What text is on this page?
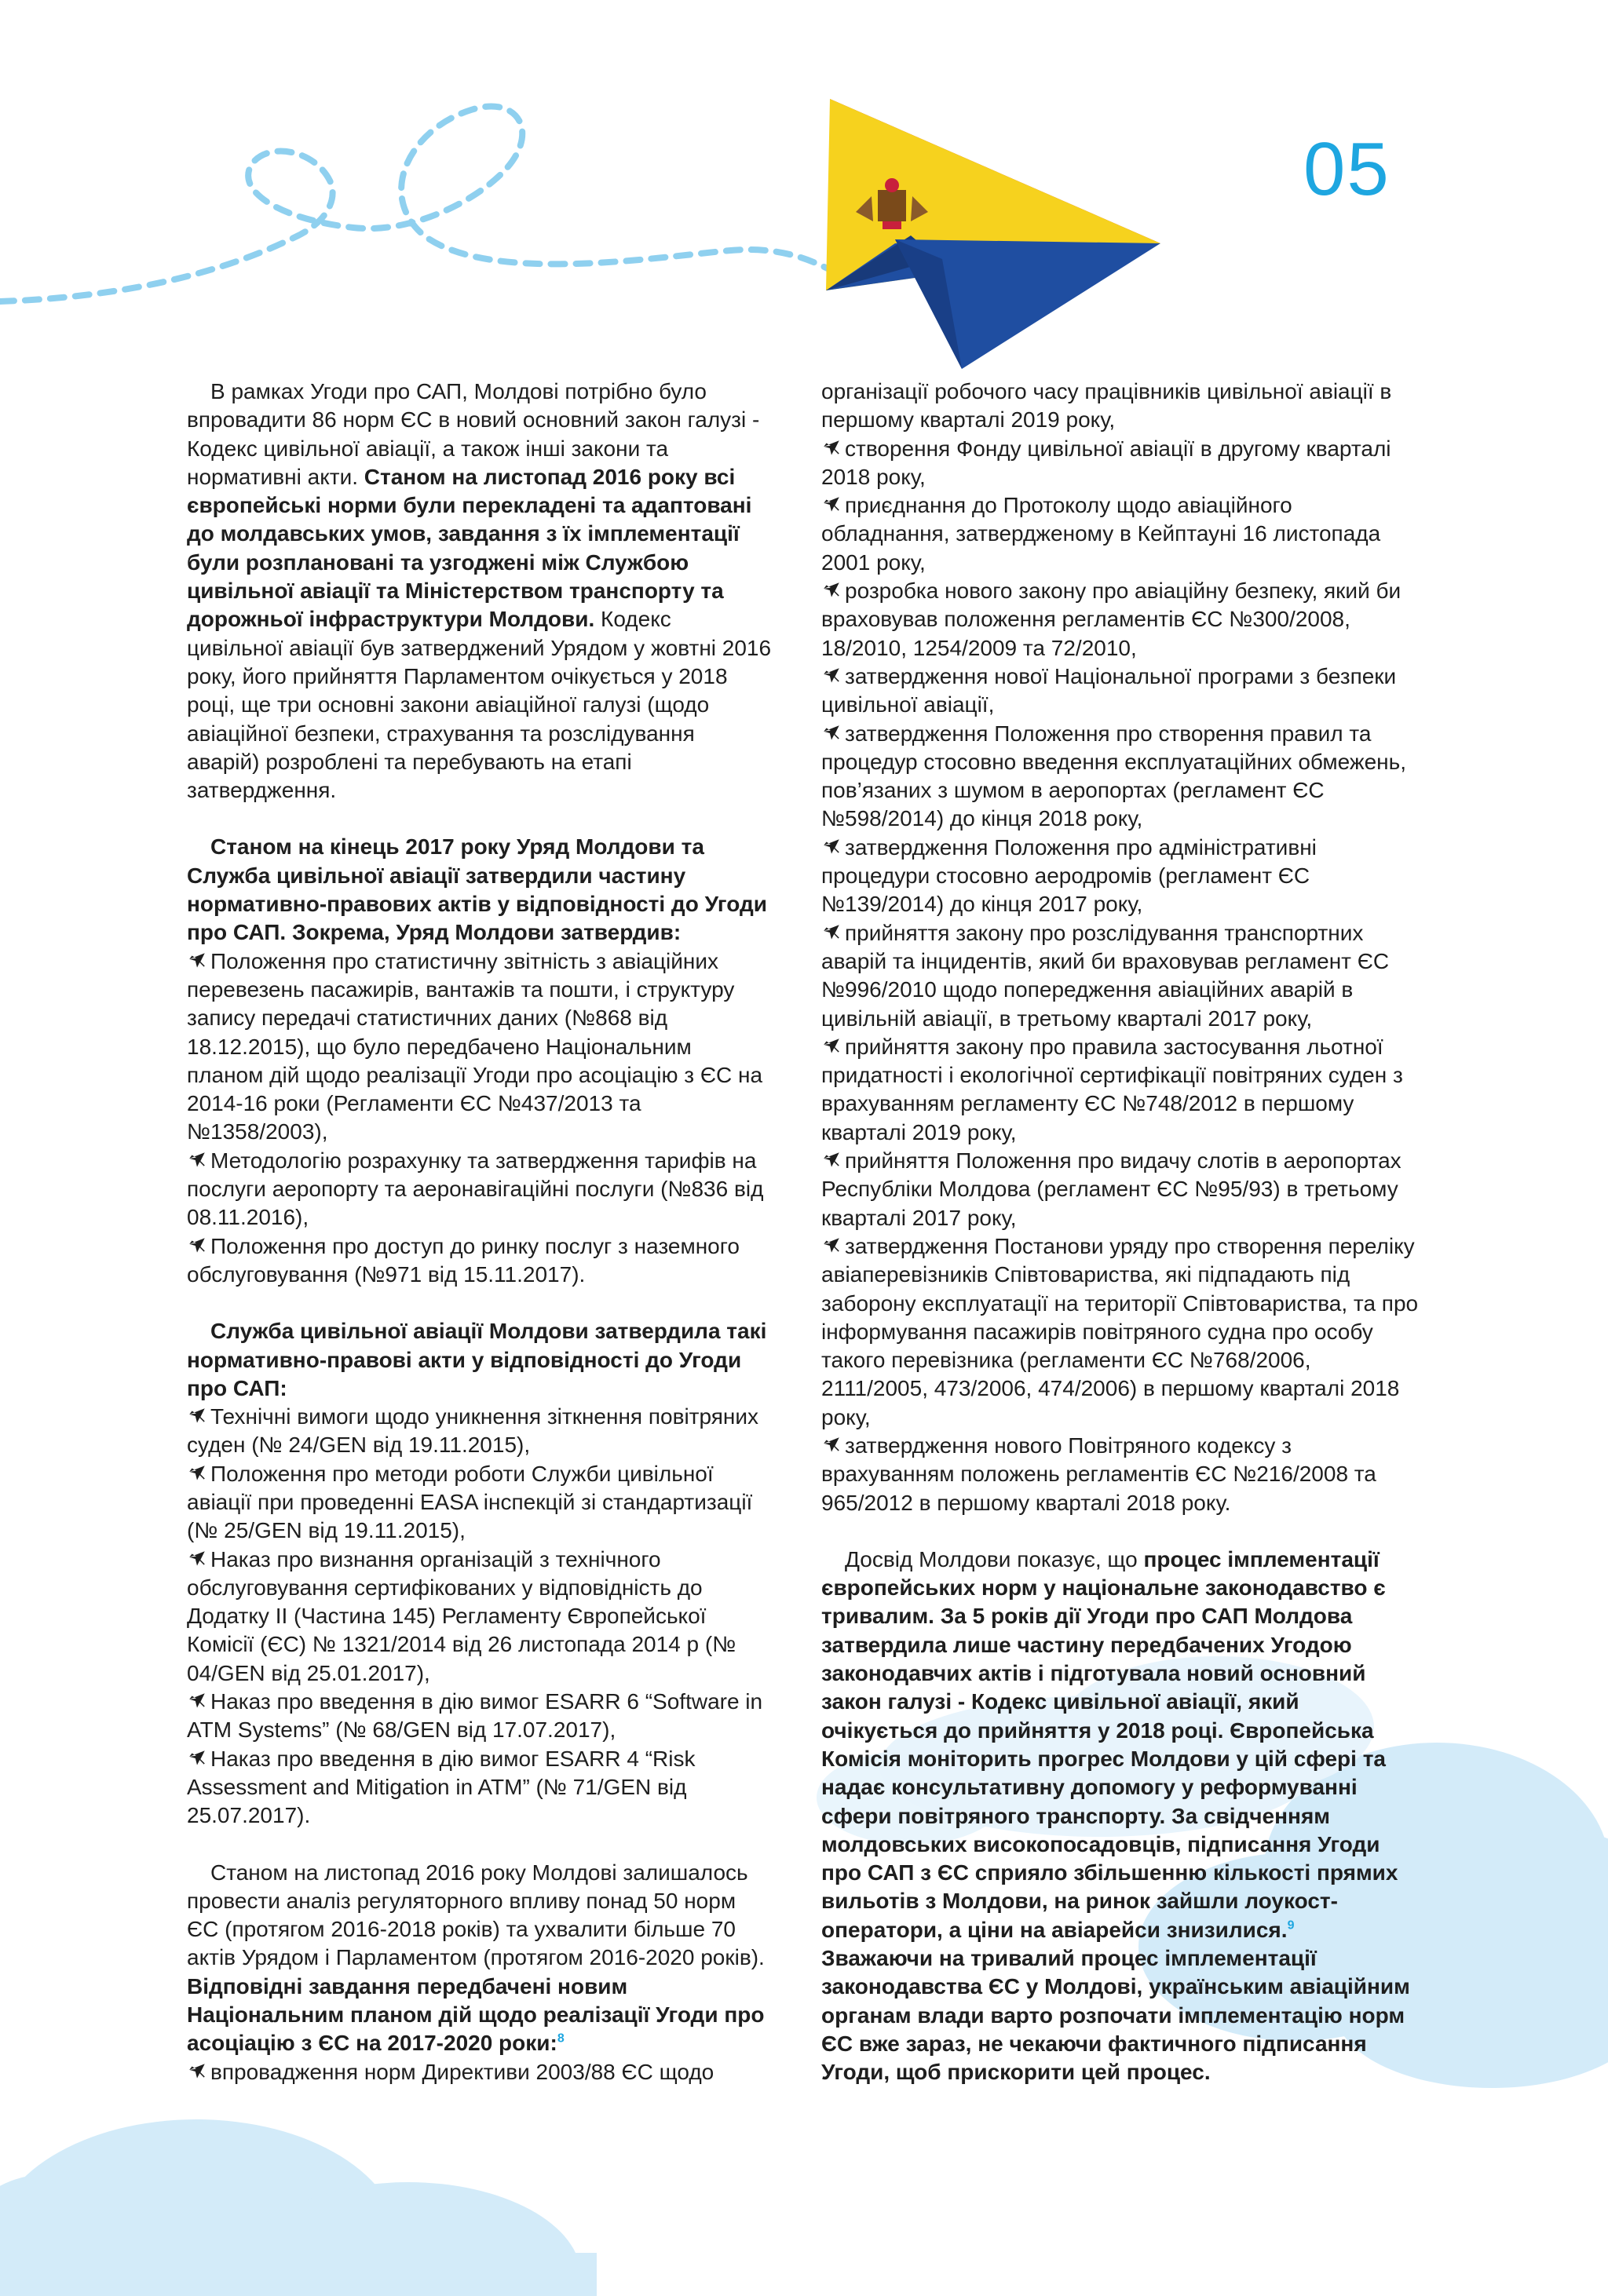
05

В рамках Угоди про САП, Молдові потрібно було впровадити 86 норм ЄС в новий основний закон галузі - Кодекс цивільної авіації, а також інші закони та нормативні акти. Станом на листопад 2016 року всі європейські норми були перекладені та адаптовані до молдавських умов, завдання з їх імплементації були розплановані та узгоджені між Службою цивільної авіації та Міністерством транспорту та дорожньої інфраструктури Молдови. Кодекс цивільної авіації був затверджений Урядом у жовтні 2016 року, його прийняття Парламентом очікується у 2018 році, ще три основні закони авіаційної галузі (щодо авіаційної безпеки, страхування та розслідування аварій) розроблені та перебувають на етапі затвердження.

Станом на кінець 2017 року Уряд Молдови та Служба цивільної авіації затвердили частину нормативно-правових актів у відповідності до Угоди про САП. Зокрема, Уряд Молдови затвердив:

Положення про статистичну звітність з авіаційних перевезень пасажирів, вантажів та пошти, і структуру запису передачі статистичних даних (№868 від 18.12.2015), що було передбачено Національним планом дій щодо реалізації Угоди про асоціацію з ЄС на 2014-16 роки (Регламенти ЄС №437/2013 та №1358/2003),

Методологію розрахунку та затвердження тарифів на послуги аеропорту та аеронавігаційні послуги (№836 від 08.11.2016),

Положення про доступ до ринку послуг з наземного обслуговування (№971 від 15.11.2017).

Служба цивільної авіації Молдови затвердила такі нормативно-правові акти у відповідності до Угоди про САП:

Технічні вимоги щодо уникнення зіткнення повітряних суден (№ 24/GEN від 19.11.2015),

Положення про методи роботи Служби цивільної авіації при проведенні EASA інспекцій зі стандартизації (№ 25/GEN від 19.11.2015),

Наказ про визнання організацій з технічного обслуговування сертифікованих у відповідність до Додатку II (Частина 145) Регламенту Європейської Комісії (ЄС) № 1321/2014 від 26 листопада 2014 р (№ 04/GEN від 25.01.2017),

Наказ про введення в дію вимог ESARR 6 “Software in ATM Systems” (№ 68/GEN від 17.07.2017),

Наказ про введення в дію вимог ESARR 4 “Risk Assessment and Mitigation in ATM” (№ 71/GEN від 25.07.2017).

Станом на листопад 2016 року Молдові залишалось провести аналіз регуляторного впливу понад 50 норм ЄС (протягом 2016-2018 років) та ухвалити більше 70 актів Урядом і Парламентом (протягом 2016-2020 років). Відповідні завдання передбачені новим Національним планом дій щодо реалізації Угоди про асоціацію з ЄС на 2017-2020 роки:$^8$

впровадження норм Директиви 2003/88 ЄС щодо

організації робочого часу працівників цивільної авіації в першому кварталі 2019 року,

створення Фонду цивільної авіації в другому кварталі 2018 року,

приєднання до Протоколу щодо авіаційного обладнання, затвердженому в Кейптауні 16 листопада 2001 року,

розробка нового закону про авіаційну безпеку, який би враховував положення регламентів ЄС №300/2008, 18/2010, 1254/2009 та 72/2010,

затвердження нової Національної програми з безпеки цивільної авіації,

затвердження Положення про створення правил та процедур стосовно введення експлуатаційних обмежень, пов’язаних з шумом в аеропортах (регламент ЄС №598/2014) до кінця 2018 року,

затвердження Положення про адміністративні процедури стосовно аеродромів (регламент ЄС №139/2014) до кінця 2017 року,

прийняття закону про розслідування транспортних аварій та інцидентів, який би враховував регламент ЄС №996/2010 щодо попередження авіаційних аварій в цивільній авіації, в третьому кварталі 2017 року,

прийняття закону про правила застосування льотної придатності і екологічної сертифікації повітряних суден з врахуванням регламенту ЄС №748/2012 в першому кварталі 2019 року,

прийняття Положення про видачу слотів в аеропортах Республіки Молдова (регламент ЄС №95/93) в третьому кварталі 2017 року,

затвердження Постанови уряду про створення переліку авіаперевізників Співтовариства, які підпадають під заборону експлуатації на території Співтовариства, та про інформування пасажирів повітряного судна про особу такого перевізника (регламенти ЄС №768/2006, 2111/2005, 473/2006, 474/2006) в першому кварталі 2018 року,

затвердження нового Повітряного кодексу з врахуванням положень регламентів ЄС №216/2008 та 965/2012 в першому кварталі 2018 року.

Досвід Молдови показує, що процес імплементації європейських норм у національне законодавство є тривалим. За 5 років дії Угоди про САП Молдова затвердила лише частину передбачених Угодою законодавчих актів і підготувала новий основний закон галузі - Кодекс цивільної авіації, який очікується до прийняття у 2018 році. Європейська Комісія моніторить прогрес Молдови у цій сфері та надає консультативну допомогу у реформуванні сфери повітряного транспорту. За свідченням молдовських високопосадовців, підписання Угоди про САП з ЄС сприяло збільшенню кількості прямих вильотів з Молдови, на ринок зайшли лоукост-оператори, а ціни на авіарейси знизилися.$^9$

Зважаючи на тривалий процес імплементації законодавства ЄС у Молдові, українським авіаційним органам влади варто розпочати імплементацію норм ЄС вже зараз, не чекаючи фактичного підписання Угоди, щоб прискорити цей процес.
